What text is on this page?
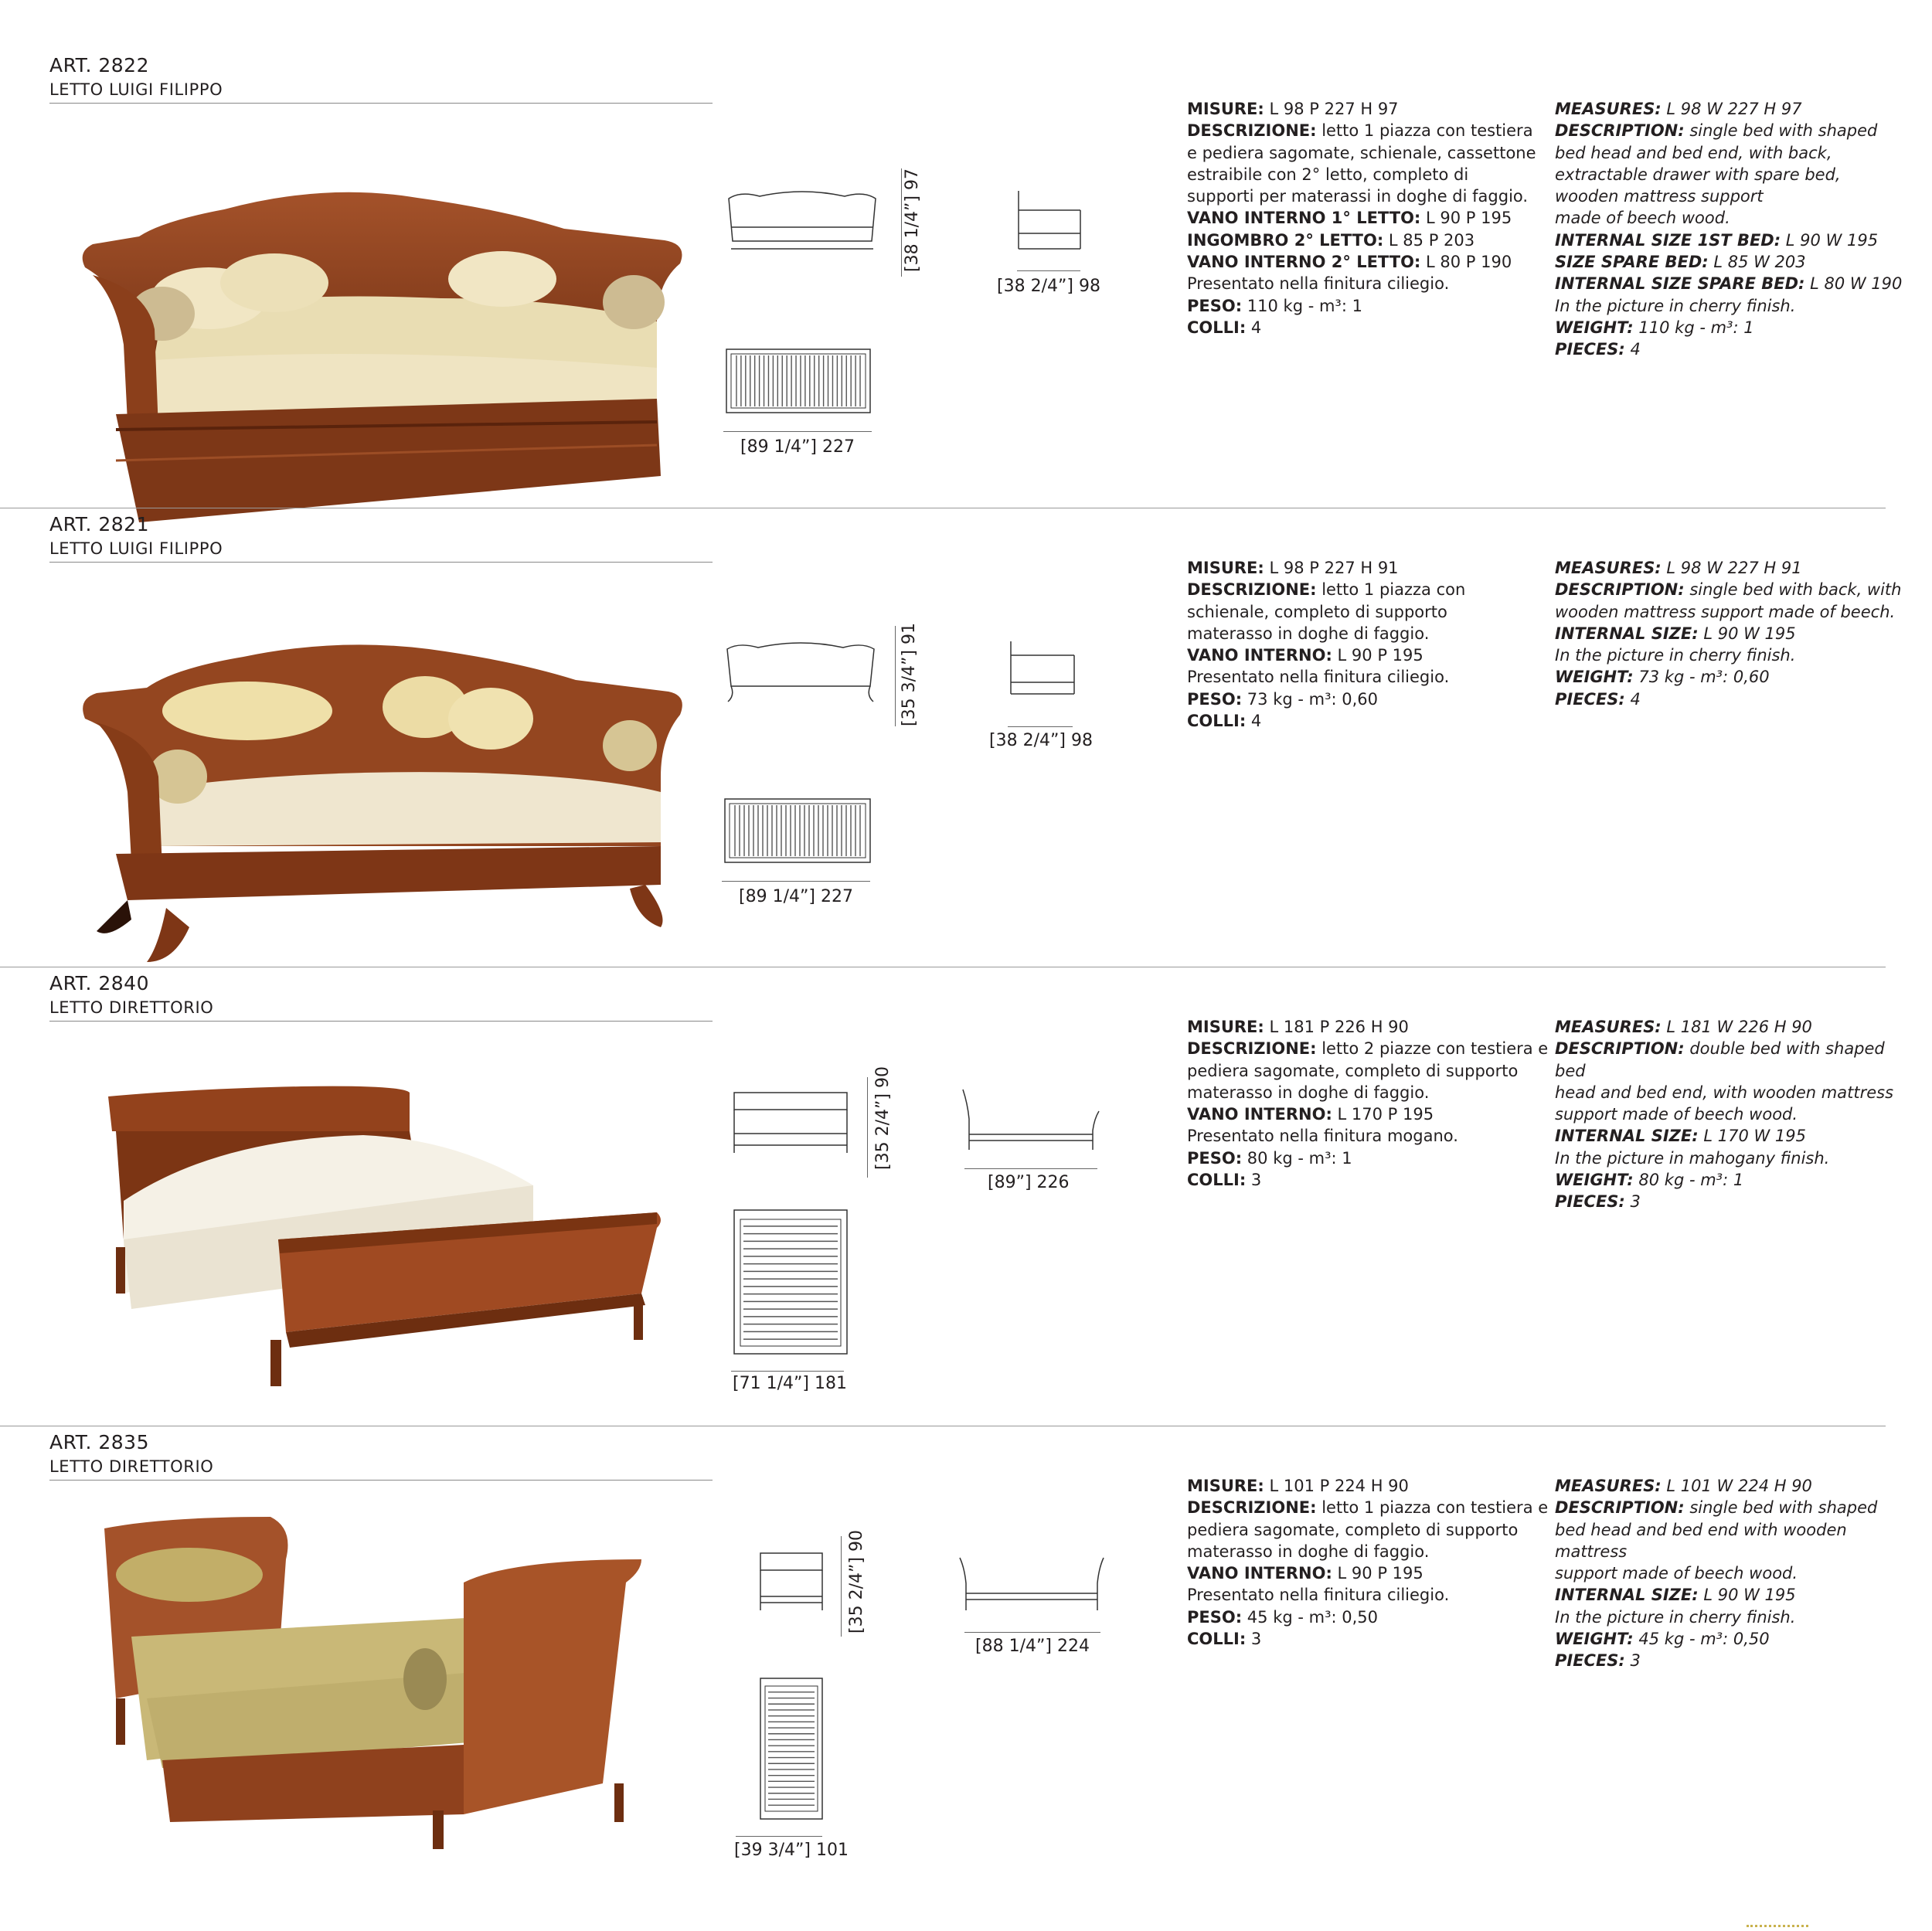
ART. 2822
LETTO LUIGI FILIPPO
[38 1/4”] 97
[38 2/4”] 98
[89 1/4”] 227
MISURE: L 98 P 227 H 97
DESCRIZIONE: letto 1 piazza con testiera
e pediera sagomate, schienale, cassettone
estraibile con 2° letto, completo di
supporti per materassi in doghe di faggio.
VANO INTERNO 1° LETTO: L 90 P 195
INGOMBRO 2° LETTO: L 85 P 203
VANO INTERNO 2° LETTO: L 80 P 190
Presentato nella finitura ciliegio.
PESO: 110 kg - m³: 1
COLLI: 4
MEASURES: L 98 W 227 H 97
DESCRIPTION: single bed with shaped
bed head and bed end, with back,
extractable drawer with spare bed,
wooden mattress support
made of beech wood.
INTERNAL SIZE 1ST BED: L 90 W 195
SIZE SPARE BED: L 85 W 203
INTERNAL SIZE SPARE BED: L 80 W 190
In the picture in cherry finish.
WEIGHT: 110 kg - m³: 1
PIECES: 4
ART. 2821
LETTO LUIGI FILIPPO
[35 3/4”] 91
[38 2/4”] 98
[89 1/4”] 227
MISURE: L 98 P 227 H 91
DESCRIZIONE: letto 1 piazza con
schienale, completo di supporto
materasso in doghe di faggio.
VANO INTERNO: L 90 P 195
Presentato nella finitura ciliegio.
PESO: 73 kg - m³: 0,60
COLLI: 4
MEASURES: L 98 W 227 H 91
DESCRIPTION: single bed with back, with
wooden mattress support made of beech.
INTERNAL SIZE: L 90 W 195
In the picture in cherry finish.
WEIGHT: 73 kg - m³: 0,60
PIECES: 4
ART. 2840
LETTO DIRETTORIO
[35 2/4”] 90
[89”] 226
[71 1/4”] 181
MISURE: L 181 P 226 H 90
DESCRIZIONE: letto 2 piazze con testiera e
pediera sagomate, completo di supporto
materasso in doghe di faggio.
VANO INTERNO: L 170 P 195
Presentato nella finitura mogano.
PESO: 80 kg - m³: 1
COLLI: 3
MEASURES: L 181 W 226 H 90
DESCRIPTION: double bed with shaped
bed
head and bed end, with wooden mattress
support made of beech wood.
INTERNAL SIZE: L 170 W 195
In the picture in mahogany finish.
WEIGHT: 80 kg - m³: 1
PIECES: 3
ART. 2835
LETTO DIRETTORIO
[35 2/4”] 90
[88 1/4”] 224
[39 3/4”] 101
MISURE: L 101 P 224 H 90
DESCRIZIONE: letto 1 piazza con testiera e
pediera sagomate, completo di supporto
materasso in doghe di faggio.
VANO INTERNO: L 90 P 195
Presentato nella finitura ciliegio.
PESO: 45 kg - m³: 0,50
COLLI: 3
MEASURES: L 101 W 224 H 90
DESCRIPTION: single bed with shaped
bed head and bed end with wooden
mattress
support made of beech wood.
INTERNAL SIZE: L 90 W 195
In the picture in cherry finish.
WEIGHT: 45 kg - m³: 0,50
PIECES: 3
